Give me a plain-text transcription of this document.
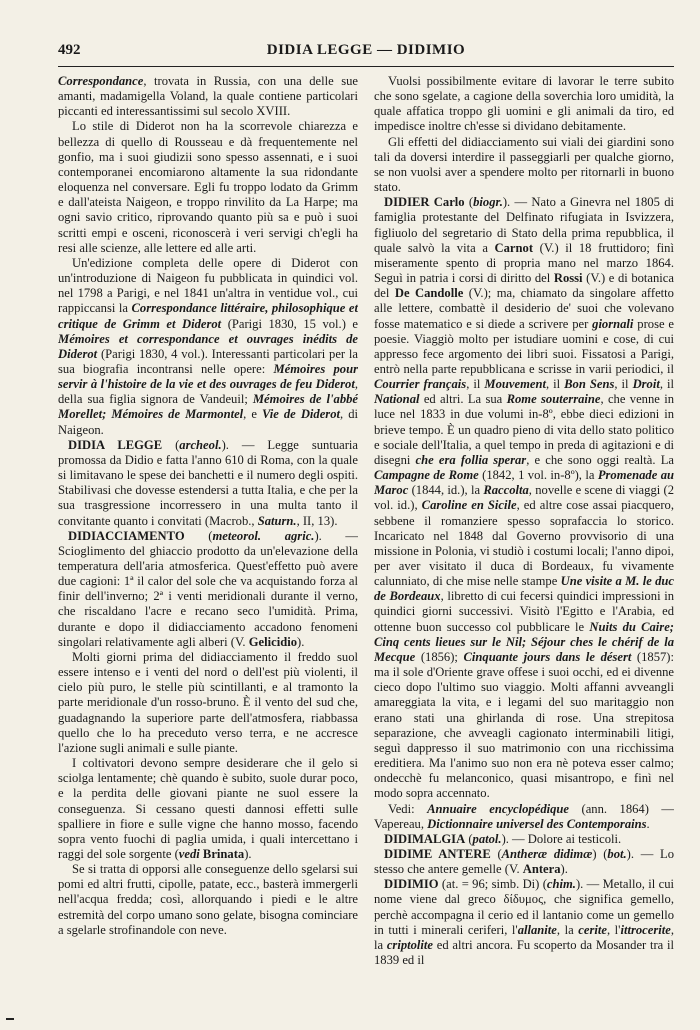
492	DIDIA LEGGE — DIDIMIO

Correspondance, trovata in Russia, con una delle sue amanti, madamigella Voland, la quale contiene particolari piccanti ed interessantissimi sul secolo XVIII.

Lo stile di Diderot non ha la scorrevole chiarezza e bellezza di quello di Rousseau e dà frequentemente nel gonfio, ma i suoi giudizii sono spesso assennati, e i suoi contemporanei encomiarono altamente la sua ridondante eloquenza nel conversare. Egli fu troppo lodato da Grimm e dall'ateista Naigeon, e troppo rinvilito da La Harpe; ma ogni savio critico, riprovando quanto più sa e può i suoi scritti empi e osceni, riconoscerà i veri servigi ch'egli ha resi alle scienze, alle lettere ed alle arti.

Un'edizione completa delle opere di Diderot con un'introduzione di Naigeon fu pubblicata in quindici vol. nel 1798 a Parigi, e nel 1841 un'altra in ventidue vol., cui rappiccansi la Correspondance littéraire, philosophique et critique de Grimm et Diderot (Parigi 1830, 15 vol.) e Mémoires et correspondance et ouvrages inédits de Diderot (Parigi 1830, 4 vol.). Interessanti particolari per la sua biografia incontransi nelle opere: Mémoires pour servir à l'histoire de la vie et des ouvrages de feu Diderot, della sua figlia signora de Vandeuil; Mémoires de l'abbé Morellet; Mémoires de Marmontel, e Vie de Diderot, di Naigeon.

DIDIA LEGGE (archeol.). — Legge suntuaria promossa da Didio e fatta l'anno 610 di Roma, con la quale si limitavano le spese dei banchetti e il numero degli ospiti. Stabilivasi che dovesse estendersi a tutta Italia, e che per la sua trasgressione incorressero in una multa tanto il convitante quanto i convitati (Macrob., Saturn., II, 13).

DIDIACCIAMENTO (meteorol. agric.). — Scioglimento del ghiaccio prodotto da un'elevazione della temperatura dell'aria atmosferica. Quest'effetto può avere due cagioni: 1ª il calor del sole che va acquistando forza al finir dell'inverno; 2ª i venti meridionali durante il verno, che riscaldano l'acre e recano seco l'umidità. Prima, durante e dopo il didiacciamento accadono fenomeni singolari relativamente agli alberi (V. Gelicidio).

Molti giorni prima del didiacciamento il freddo suol essere intenso e i venti del nord o dell'est più violenti, il cielo più puro, le stelle più scintillanti, e al tramonto la parte meridionale d'un rosso-bruno. È il vento del sud che, guadagnando la superiore parte dell'atmosfera, riabbassa quello che lo ha preceduto verso terra, e ne accresce l'azione sugli animali e sulle piante.

I coltivatori devono sempre desiderare che il gelo si sciolga lentamente; chè quando è subito, suole durar poco, e la perdita delle giovani piante ne suol essere la conseguenza. Si cessano questi dannosi effetti sulle spalliere in fiore e sulle vigne che hanno mosso, facendo sopra vento fuochi di paglia umida, i quali intercettano i raggi del sole sorgente (vedi Brinata).

Se si tratta di opporsi alle conseguenze dello sgelarsi sui pomi ed altri frutti, cipolle, patate, ecc., basterà immergerli nell'acqua fredda; così, allorquando i piedi e le altre estremità del corpo umano sono gelate, bisogna cominciare a sgelarle strofinandole con neve.

Vuolsi possibilmente evitare di lavorar le terre subito che sono sgelate, a cagione della soverchia loro umidità, la quale affatica troppo gli uomini e gli animali da tiro, ed impedisce inoltre ch'esse si dividano debitamente.

Gli effetti del didiacciamento sui viali dei giardini sono tali da doversi interdire il passeggiarli per qualche giorno, se non vuolsi aver a spendere molto per ritornarli in buono stato.

DIDIER Carlo (biogr.). — Nato a Ginevra nel 1805 di famiglia protestante del Delfinato rifugiata in Isvizzera, figliuolo del segretario di Stato della prima repubblica, il quale salvò la vita a Carnot (V.) il 18 fruttidoro; finì miseramente spento di propria mano nel marzo 1864. Seguì in patria i corsi di diritto del Rossi (V.) e di botanica del De Candolle (V.); ma, chiamato da singolare affetto alle lettere, combattè il desiderio de' suoi che volevano fosse matematico e si diede a scrivere per giornali prose e poesie. Viaggiò molto per istudiare uomini e cose, di cui appresso fece argomento dei libri suoi. Fissatosi a Parigi, entrò nella parte repubblicana e scrisse in varii periodici, il Courrier français, il Mouvement, il Bon Sens, il Droit, il National ed altri. La sua Rome souterraine, che venne in luce nel 1833 in due volumi in-8º, ebbe dieci edizioni in brieve tempo. È un quadro pieno di vita dello stato politico e sociale dell'Italia, a quel tempo in preda di agitazioni e di disegni che era follia sperar, e che sono oggi realtà. La Campagne de Rome (1842, 1 vol. in-8º), la Promenade au Maroc (1844, id.), la Raccolta, novelle e scene di viaggi (2 vol. id.), Caroline en Sicile, ed altre cose assai piacquero, sebbene il romanziere spesso soprafaccia lo storico. Incaricato nel 1848 dal Governo provvisorio di una missione in Polonia, vi studiò i costumi locali; l'anno dipoi, per aver visitato il duca di Bordeaux, fu vivamente calunniato, di che mise nelle stampe Une visite a M. le duc de Bordeaux, libretto di cui fecersi quindici impressioni in quindici giorni successivi. Visitò l'Egitto e l'Arabia, ed ottenne buon successo col pubblicare le Nuits du Caire; Cinq cents lieues sur le Nil; Séjour ches le chérif de la Mecque (1856); Cinquante jours dans le désert (1857): ma il sole d'Oriente grave offese i suoi occhi, ed ei divenne cieco dopo l'ultimo suo viaggio. Molti affanni avveangli amareggiata la vita, e i legami del suo maritaggio non erano stati una ghirlanda di rose. Una strepitosa separazione, che avveagli cagionato interminabili litigi, seguì dappresso il suo matrimonio con una ricchissima ereditiera. Ma l'animo suo non era nè poteva esser calmo; ondecchè fu melanconico, quasi misantropo, e finì nel modo sopra accennato.

Vedi: Annuaire encyclopédique (ann. 1864) — Vapereau, Dictionnaire universel des Contemporains.

DIDIMALGIA (patol.). — Dolore ai testicoli.

DIDIME ANTERE (Antheræ didimæ) (bot.). — Lo stesso che antere gemelle (V. Antera).

DIDIMIO (at. = 96; simb. Di) (chim.). — Metallo, il cui nome viene dal greco δίδυμος, che significa gemello, perchè accompagna il cerio ed il lantanio come un gemello in tutti i minerali ceriferi, l'allanite, la cerite, l'ittrocerite, la criptolite ed altri ancora. Fu scoperto da Mosander tra il 1839 ed il
